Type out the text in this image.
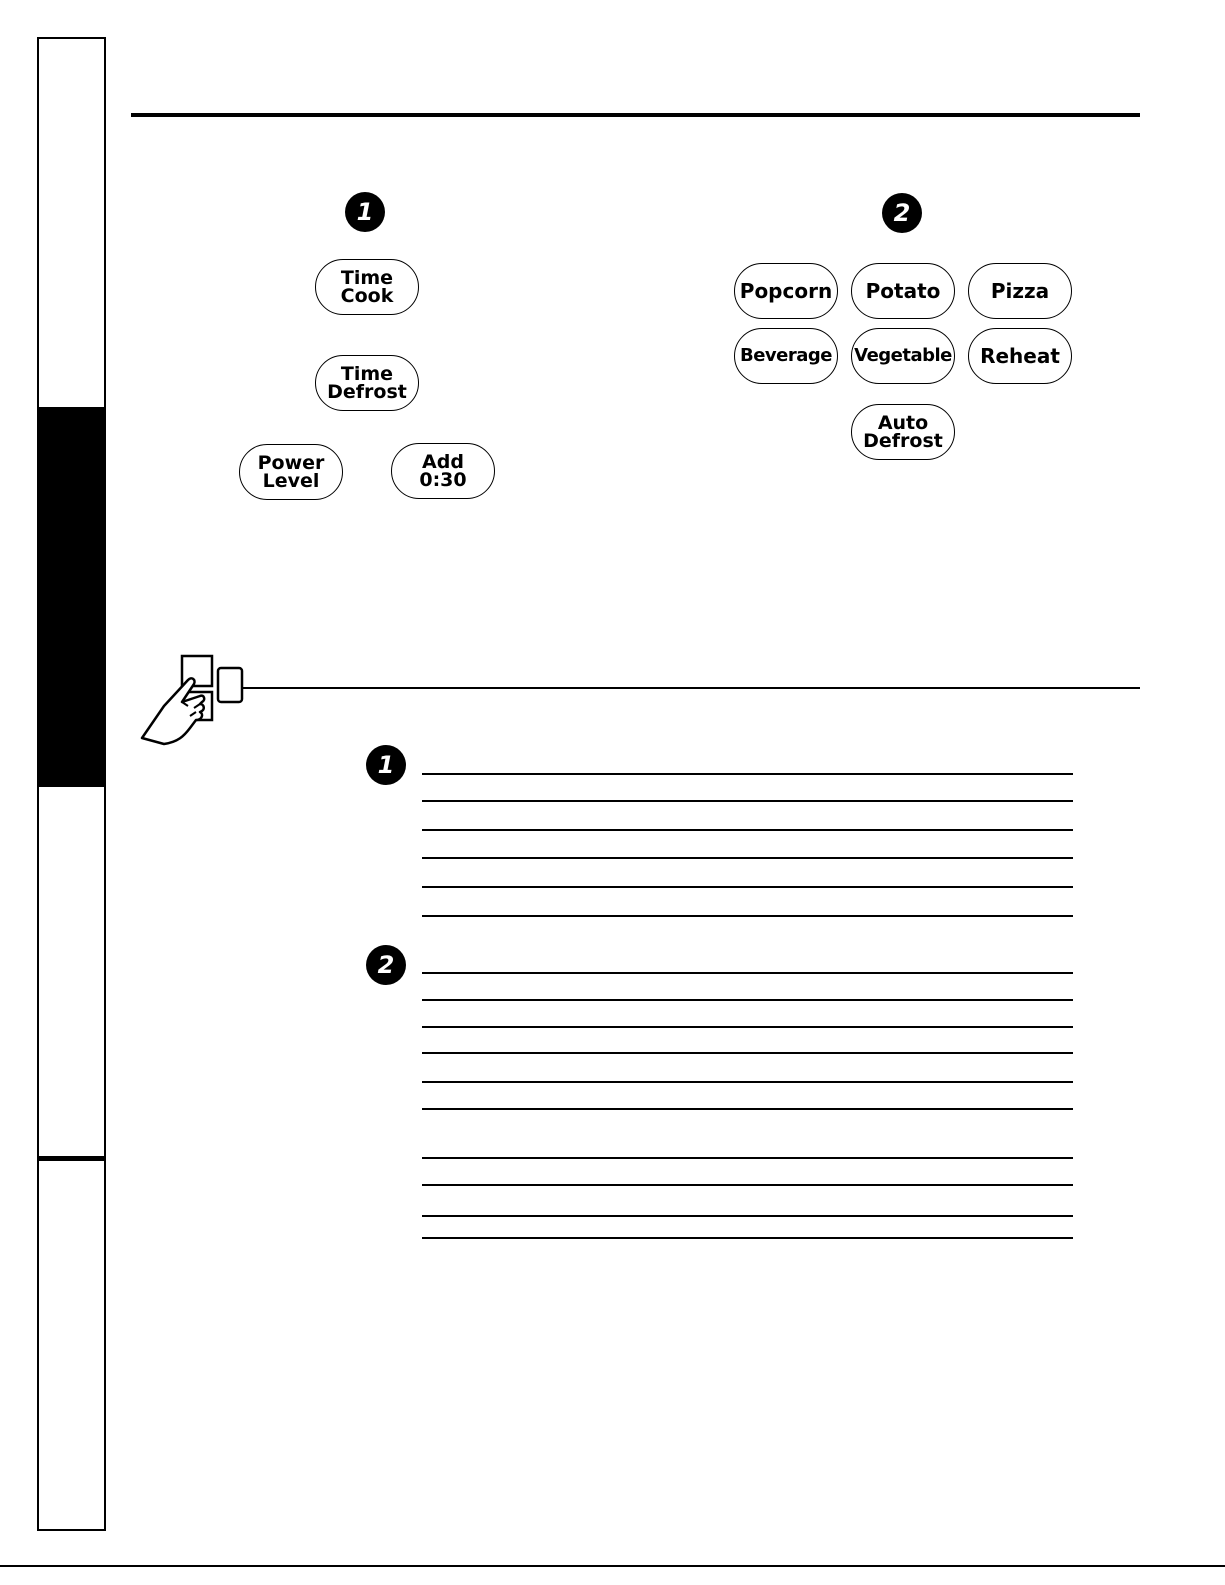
1
Time
Cook
Time
Defrost
Power
Level
Add
0:30
2
Popcorn	Potato	Pizza
Beverage	Vegetable	Reheat
Auto
Defrost
1
2
